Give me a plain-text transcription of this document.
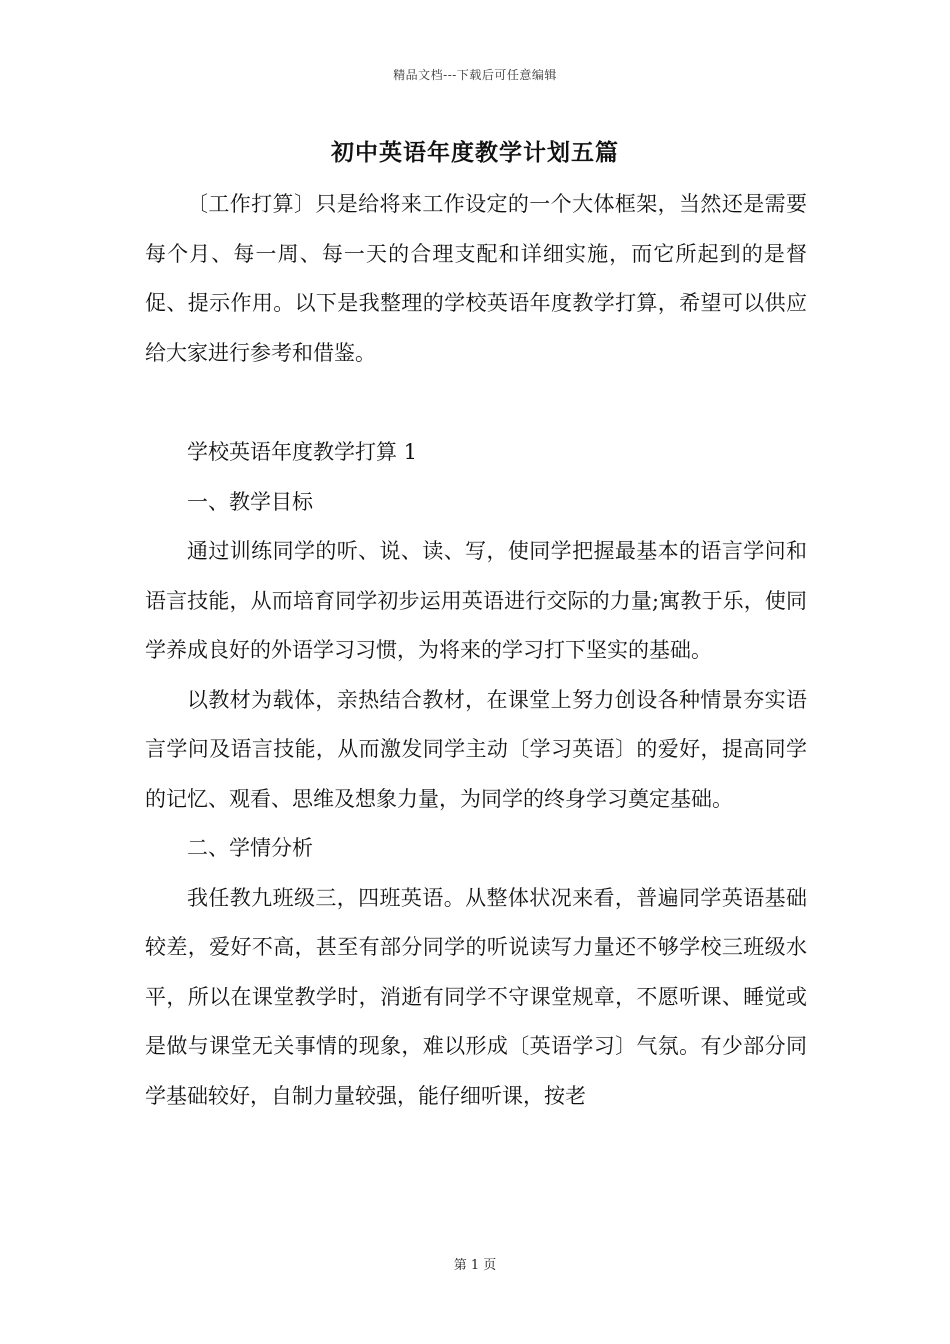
精品文档---下载后可任意编辑
初中英语年度教学计划五篇

〔工作打算〕只是给将来工作设定的一个大体框架，当然还是需要每个月、每一周、每一天的合理支配和详细实施，而它所起到的是督促、提示作用。以下是我整理的学校英语年度教学打算，希望可以供应给大家进行参考和借鉴。

学校英语年度教学打算 1

一、教学目标

通过训练同学的听、说、读、写，使同学把握最基本的语言学问和语言技能，从而培育同学初步运用英语进行交际的力量;寓教于乐，使同学养成良好的外语学习习惯，为将来的学习打下坚实的基础。

以教材为载体，亲热结合教材，在课堂上努力创设各种情景夯实语言学问及语言技能，从而激发同学主动〔学习英语〕的爱好，提高同学的记忆、观看、思维及想象力量，为同学的终身学习奠定基础。

二、学情分析

我任教九班级三，四班英语。从整体状况来看，普遍同学英语基础较差，爱好不高，甚至有部分同学的听说读写力量还不够学校三班级水平，所以在课堂教学时，消逝有同学不守课堂规章，不愿听课、睡觉或是做与课堂无关事情的现象，难以形成〔英语学习〕气氛。有少部分同学基础较好，自制力量较强，能仔细听课，按老

第 1 页
